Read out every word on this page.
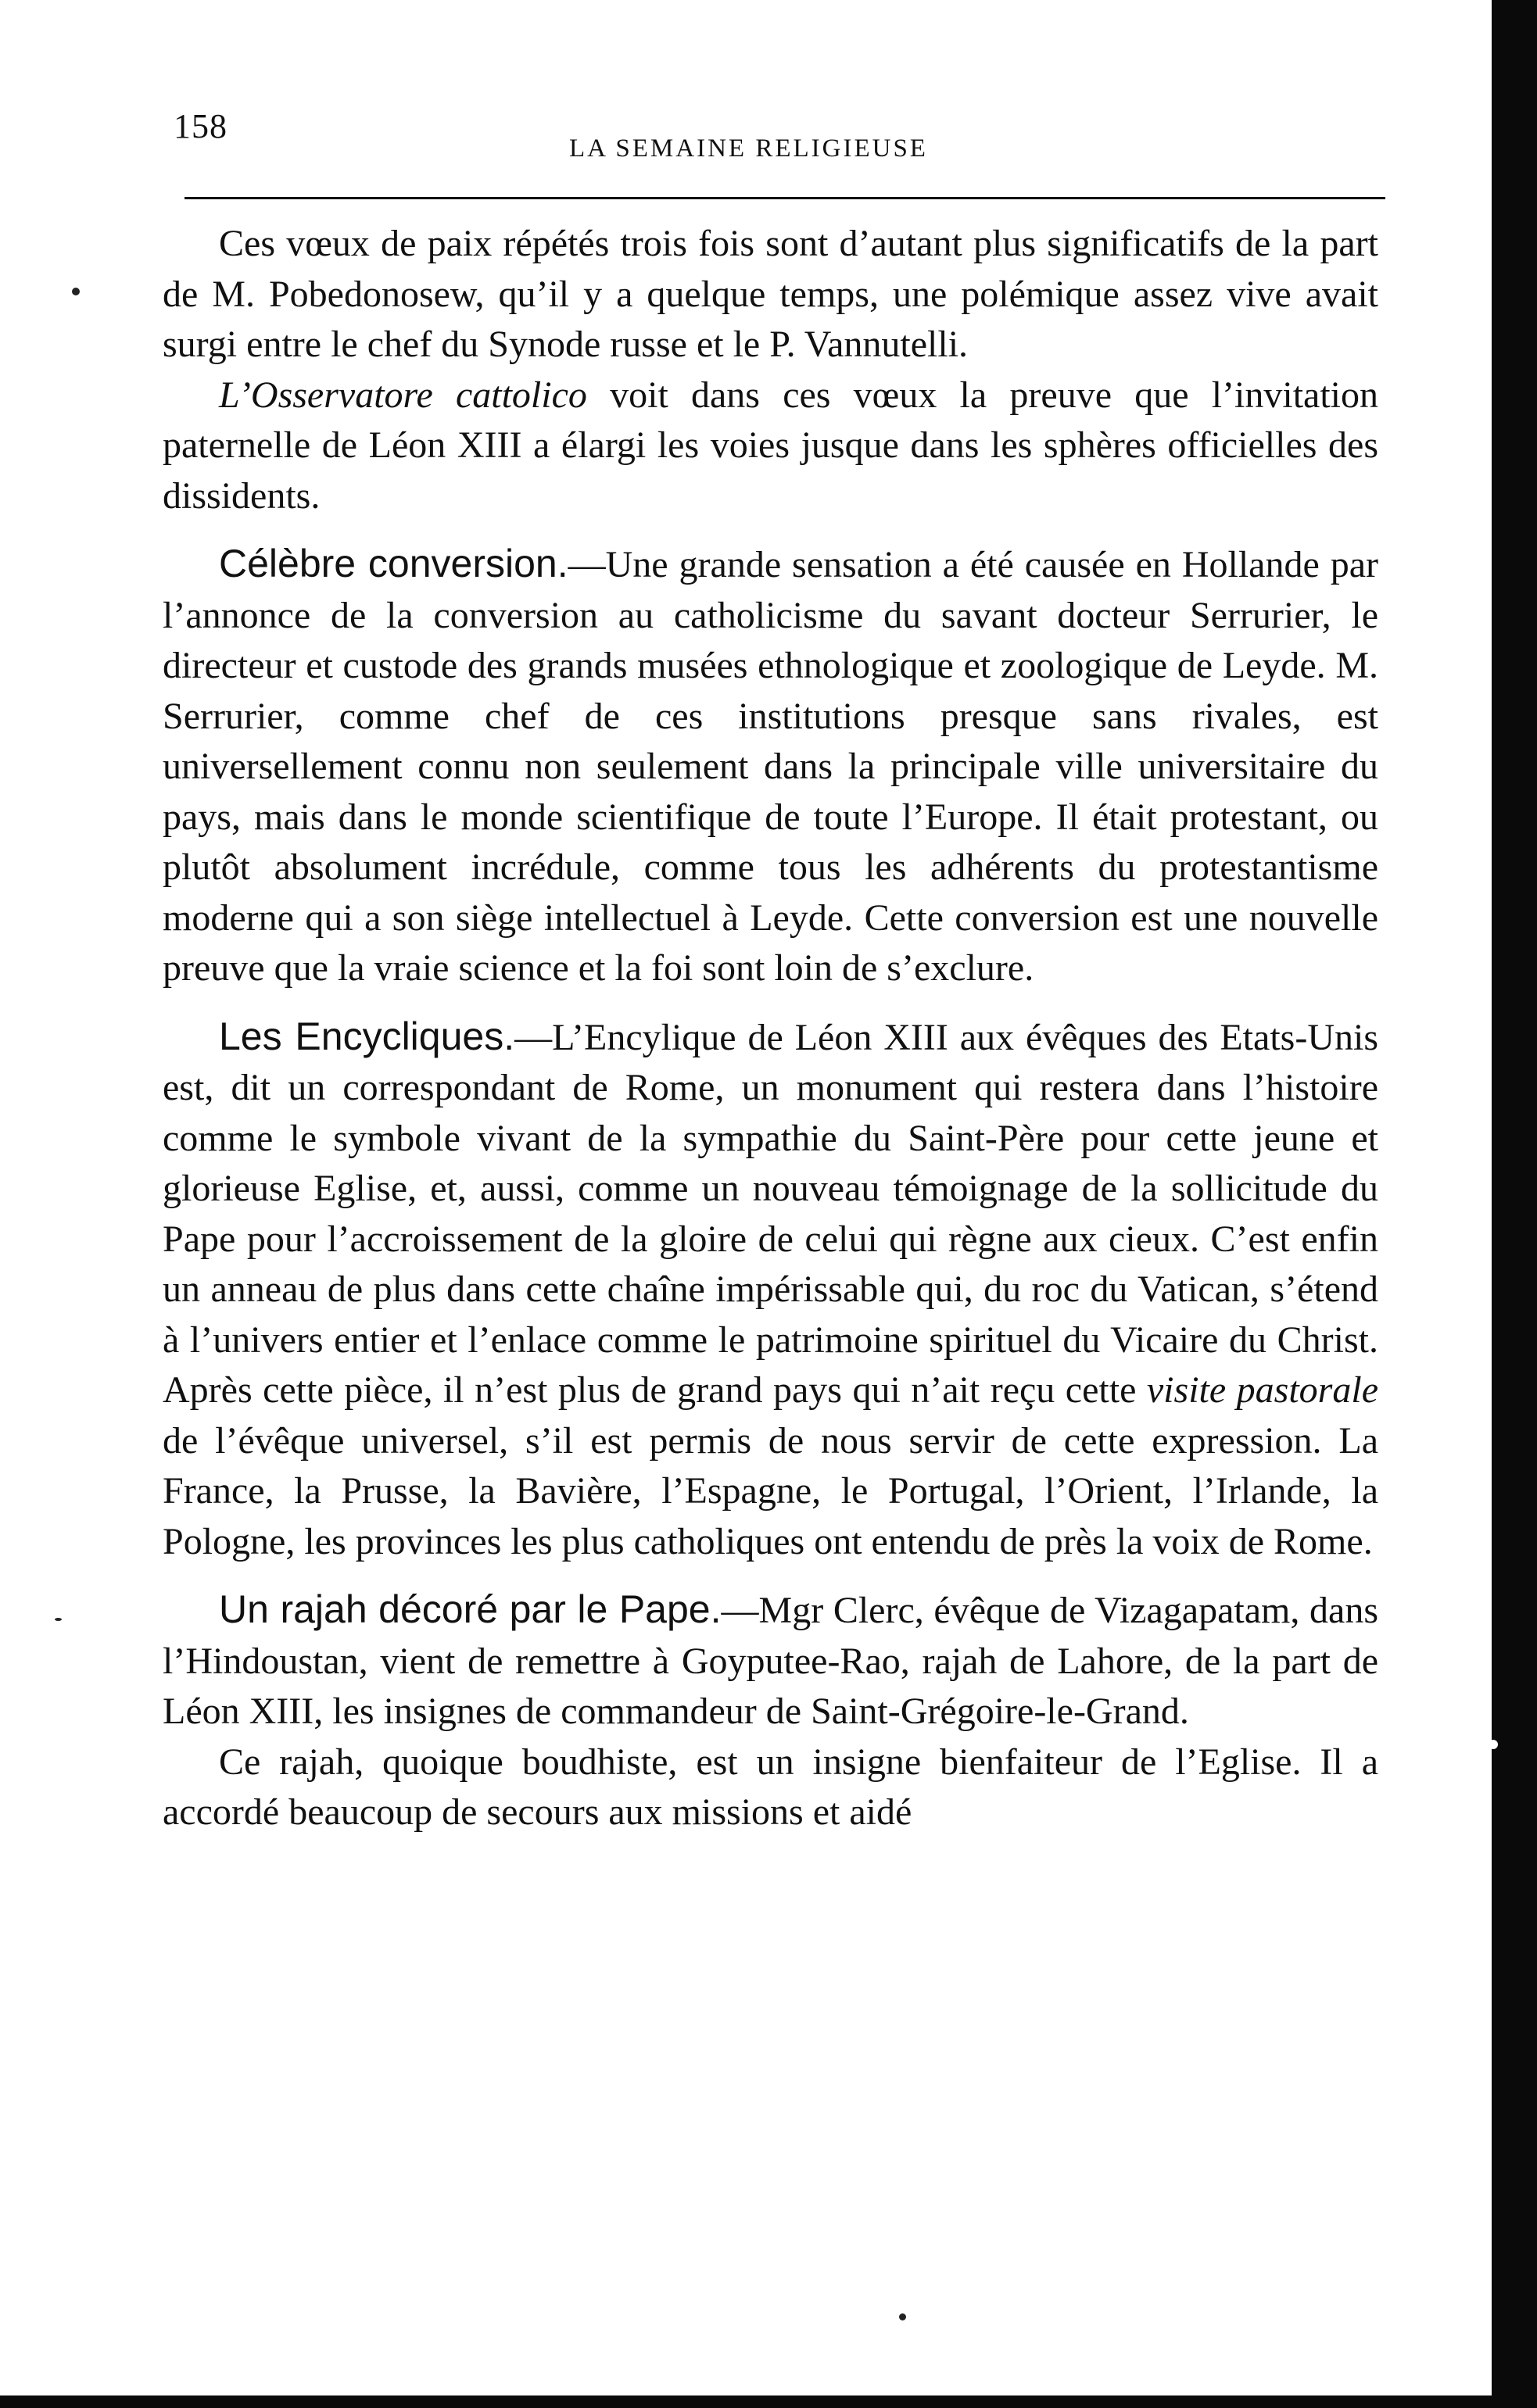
158
LA SEMAINE RELIGIEUSE

Ces vœux de paix répétés trois fois sont d’autant plus significatifs de la part de M. Pobedonosew, qu’il y a quelque temps, une polémique assez vive avait surgi entre le chef du Synode russe et le P. Vannutelli.

L’Osservatore cattolico voit dans ces vœux la preuve que l’invitation paternelle de Léon XIII a élargi les voies jusque dans les sphères officielles des dissidents.

Célèbre conversion.—Une grande sensation a été causée en Hollande par l’annonce de la conversion au catholicisme du savant docteur Serrurier, le directeur et custode des grands musées ethnologique et zoologique de Leyde. M. Serrurier, comme chef de ces institutions presque sans rivales, est universellement connu non seulement dans la principale ville universitaire du pays, mais dans le monde scientifique de toute l’Europe. Il était protestant, ou plutôt absolument incrédule, comme tous les adhérents du protestantisme moderne qui a son siège intellectuel à Leyde. Cette conversion est une nouvelle preuve que la vraie science et la foi sont loin de s’exclure.

Les Encycliques.—L’Encylique de Léon XIII aux évêques des Etats-Unis est, dit un correspondant de Rome, un monument qui restera dans l’histoire comme le symbole vivant de la sympathie du Saint-Père pour cette jeune et glorieuse Eglise, et, aussi, comme un nouveau témoignage de la sollicitude du Pape pour l’accroissement de la gloire de celui qui règne aux cieux. C’est enfin un anneau de plus dans cette chaîne impérissable qui, du roc du Vatican, s’étend à l’univers entier et l’enlace comme le patrimoine spirituel du Vicaire du Christ. Après cette pièce, il n’est plus de grand pays qui n’ait reçu cette visite pastorale de l’évêque universel, s’il est permis de nous servir de cette expression. La France, la Prusse, la Bavière, l’Espagne, le Portugal, l’Orient, l’Irlande, la Pologne, les provinces les plus catholiques ont entendu de près la voix de Rome.

Un rajah décoré par le Pape.—Mgr Clerc, évêque de Vizagapatam, dans l’Hindoustan, vient de remettre à Goyputee-Rao, rajah de Lahore, de la part de Léon XIII, les insignes de commandeur de Saint-Grégoire-le-Grand.

Ce rajah, quoique boudhiste, est un insigne bienfaiteur de l’Eglise. Il a accordé beaucoup de secours aux missions et aidé
